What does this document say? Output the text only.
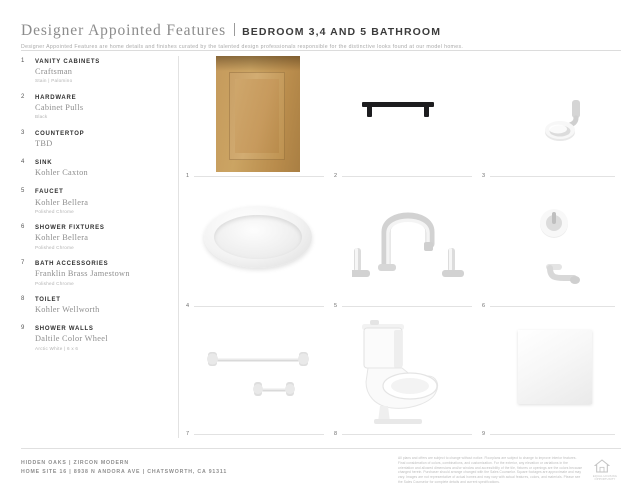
Designer Appointed Features BEDROOM 3,4 AND 5 BATHROOM
Designer Appointed Features are home details and finishes curated by the talented design professionals responsible for the distinctive looks found at our model homes.
1 VANITY CABINETS
Craftsman
Stain | Palomino
2 HARDWARE
Cabinet Pulls
Black
3 COUNTERTOP
TBD
4 SINK
Kohler Caxton
5 FAUCET
Kohler Bellera
Polished Chrome
6 SHOWER FIXTURES
Kohler Bellera
Polished Chrome
7 BATH ACCESSORIES
Franklin Brass Jamestown
Polished Chrome
8 TOILET
Kohler Wellworth
9 SHOWER WALLS
Daltile Color Wheel
Arctic White | 6 x 6
1	2	3
4	5	6
7	8	9
HIDDEN OAKS | ZIRCON MODERN
HOME SITE 16 | 8938 N ANDORA AVE | CHATSWORTH, CA 91311
All plans and offers are subject to change without notice. Floorplans are subject to change to improve interior features. Final consideration of colors, combinations, and customization. For the exterior, any elevation or variations in the orientation and allowed dimensions and/or window and accessibility of the tile, fixtures or openings are the colors because changed herein. Purchaser should arrange changed with the Sales Counselor. Square footages are approximate and may vary. Images are not representative of actual homes and may vary with actual features, colors, and materials. Please see the Sales Counselor for complete details and current specifications.
EQUAL HOUSING OPPORTUNITY
